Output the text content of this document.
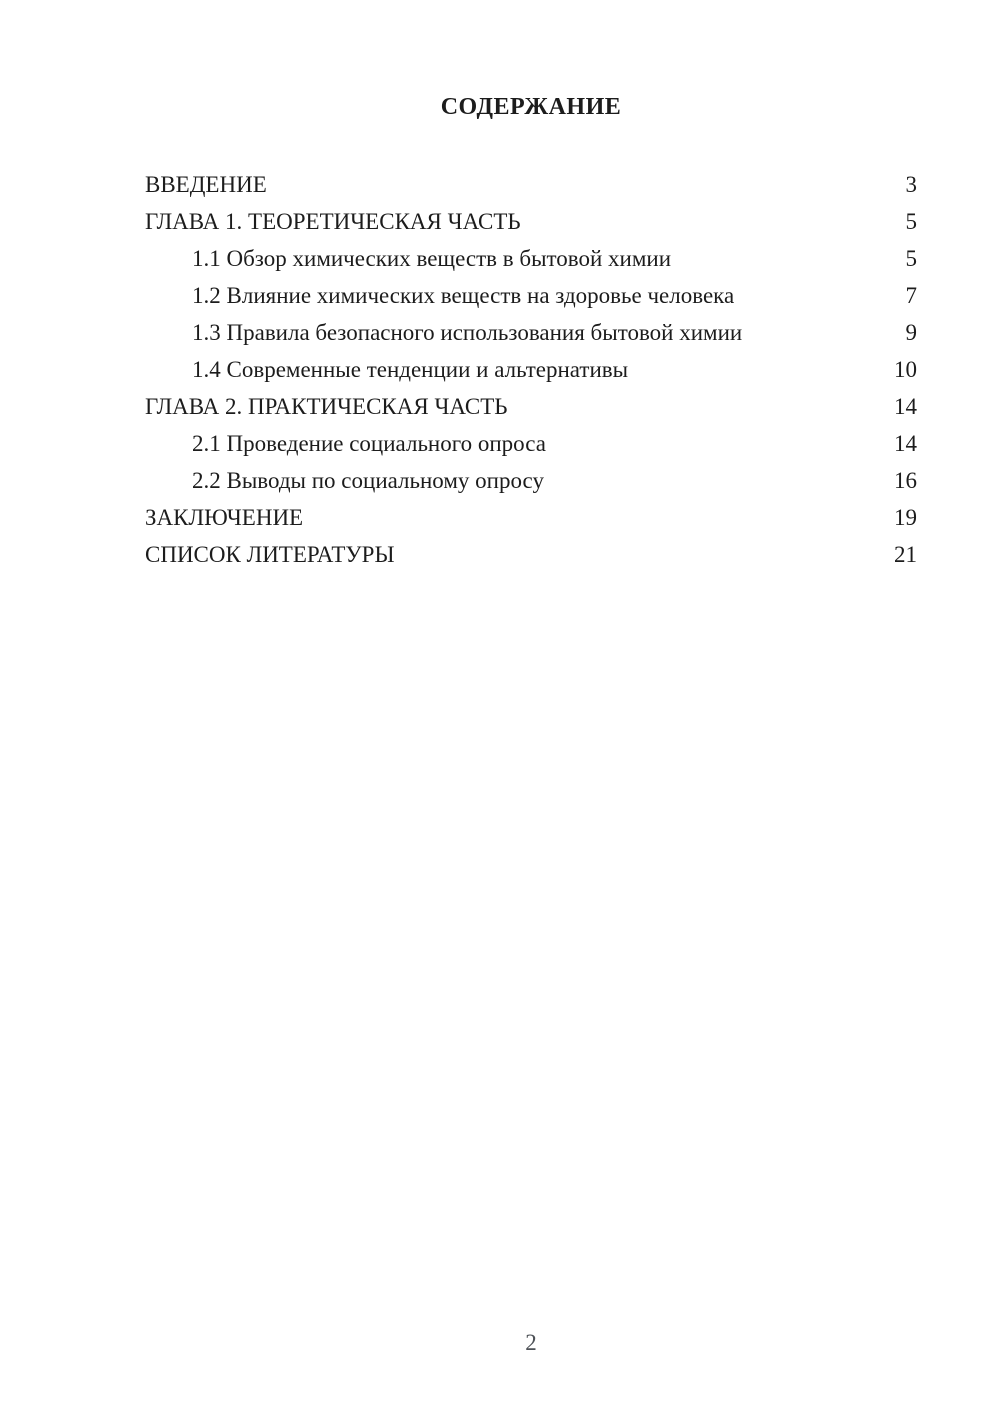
СОДЕРЖАНИЕ
ВВЕДЕНИЕ	3
ГЛАВА 1. ТЕОРЕТИЧЕСКАЯ ЧАСТЬ	5
1.1 Обзор химических веществ в бытовой химии	5
1.2 Влияние химических веществ на здоровье человека	7
1.3 Правила безопасного использования бытовой химии	9
1.4 Современные тенденции и альтернативы	10
ГЛАВА 2. ПРАКТИЧЕСКАЯ ЧАСТЬ	14
2.1 Проведение социального опроса	14
2.2 Выводы по социальному опросу	16
ЗАКЛЮЧЕНИЕ	19
СПИСОК ЛИТЕРАТУРЫ	21
2
